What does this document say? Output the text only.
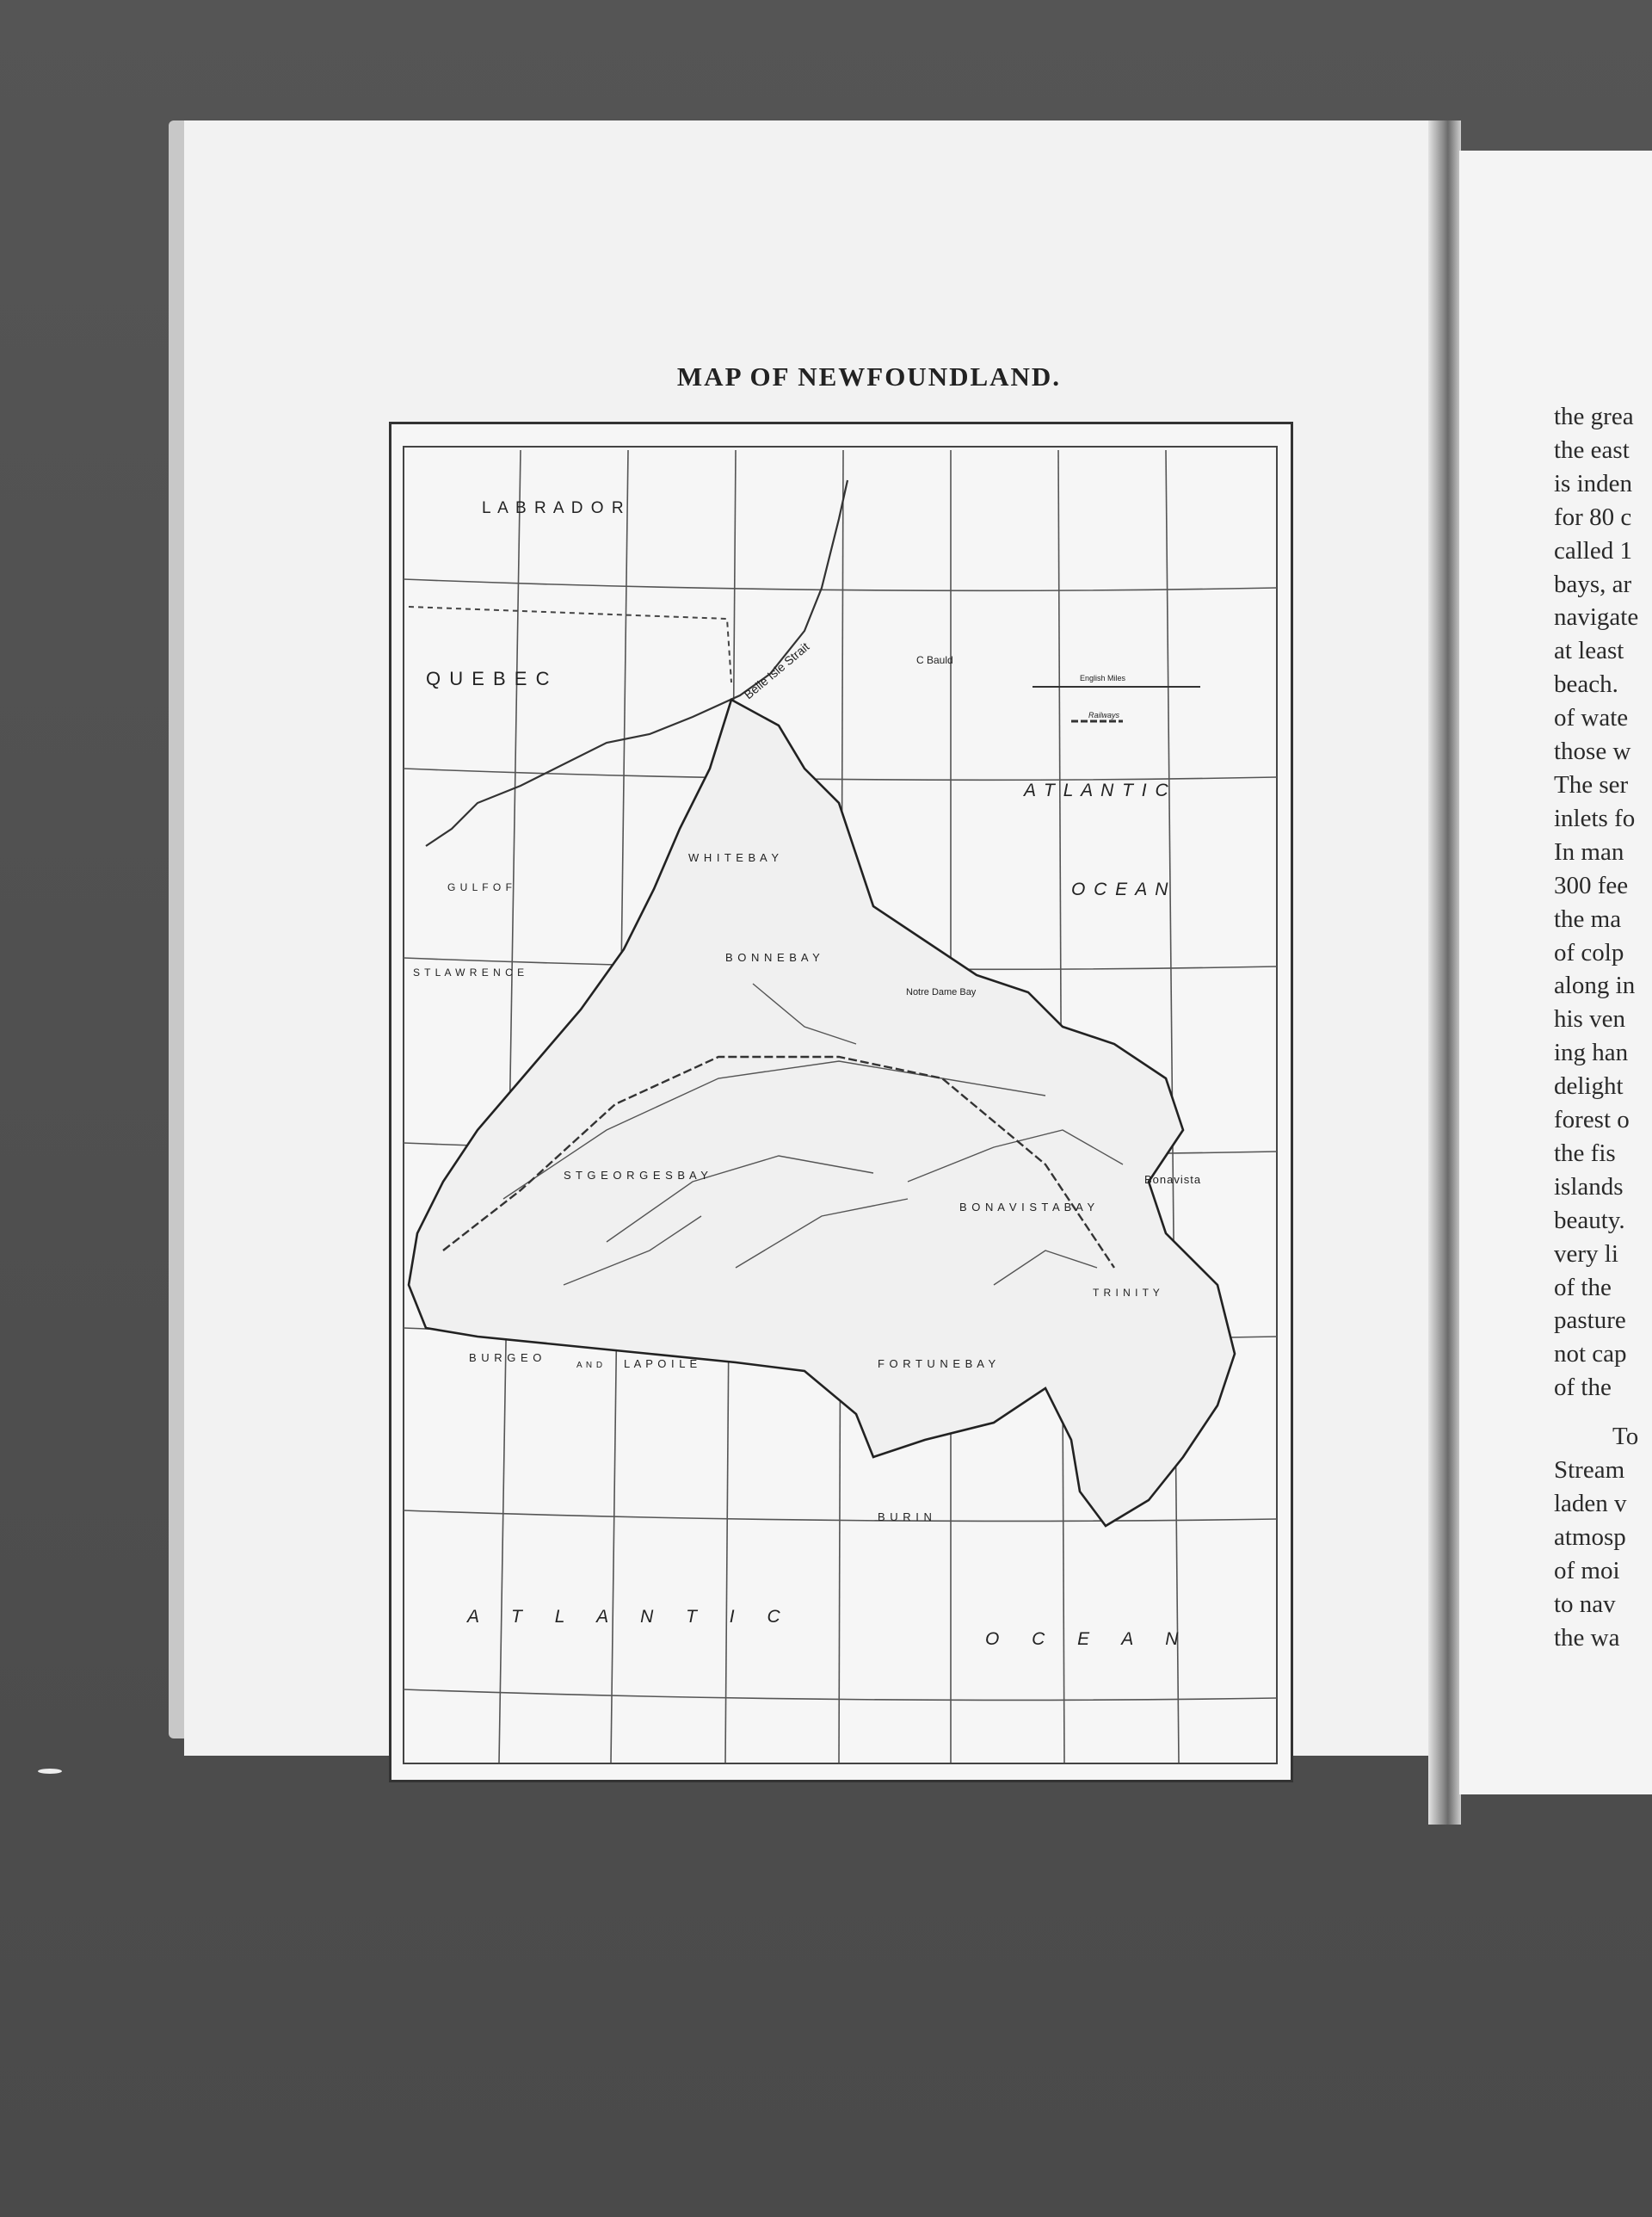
the grea
the east
is inden
for 80 c
called 1
bays, ar
navigate
at least
beach.
of wate
those w
The ser
inlets fo
In man
300 fee
the ma
of colp
along in
his ven
ing han
delight
forest o
the fis
islands
beauty.
very li
of the
pasture
not cap
of the
To
Stream
laden v
atmosp
of moi
to nav
the wa
MAP OF NEWFOUNDLAND.
L A B R A D O R
Q U E B E C	Belle Isle Strait
A T L A N T I C
O C E A N
G U L F O F
S T L A W R E N C E
W H I T E B A Y
B O N N E B A Y
Notre Dame Bay
S T G E O R G E S B A Y
B O N A V I S T A B A Y
Bonavista
T R I N I T Y
B U R G E O
A N D L A P O I L E	F O R T U N E B A Y
B U R I N
A T L A N T I C
O C E A N
English Miles
Railways
C Bauld
